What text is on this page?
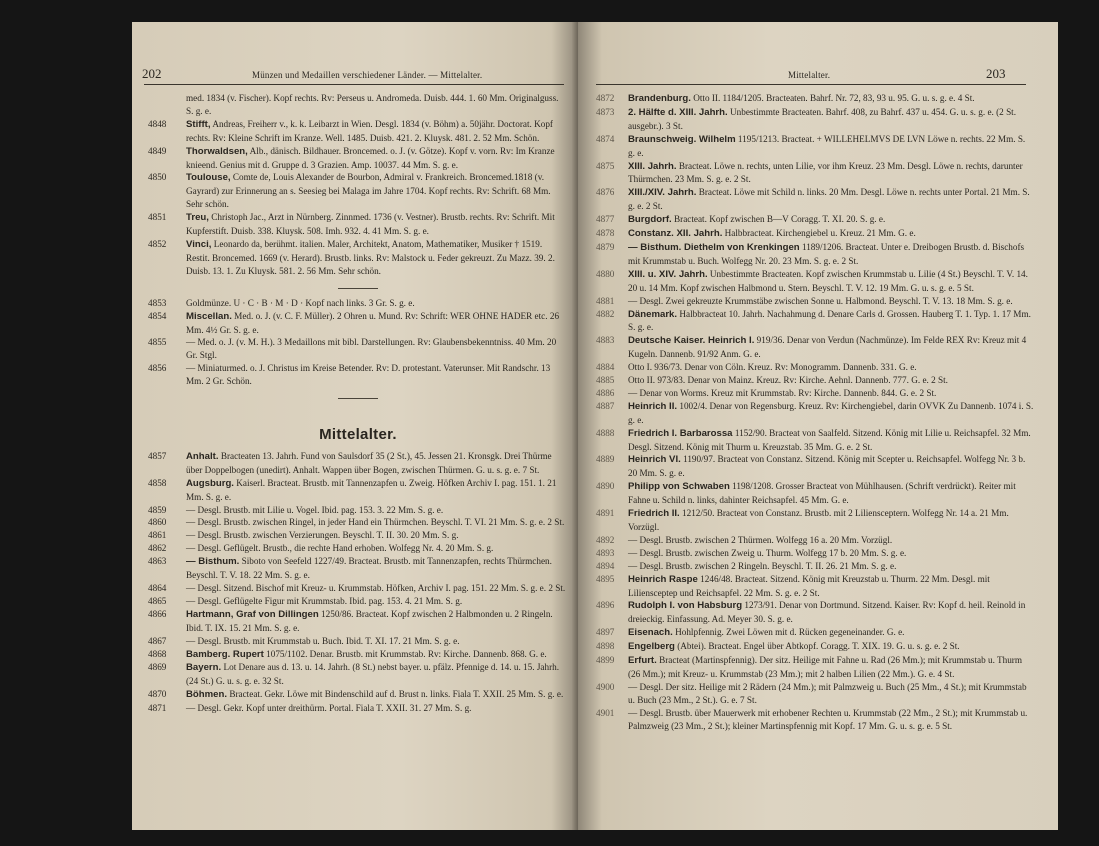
202	Münzen und Medaillen verschiedener Länder. — Mittelalter.
med. 1834 (v. Fischer). Kopf rechts. Rv: Perseus u. Andromeda. Duisb. 444. 1. 60 Mm. Originalguss. S. g. e.
4848	Stifft, Andreas, Freiherr v., k. k. Leibarzt in Wien. Desgl. 1834 (v. Böhm) a. 50jähr. Doctorat. Kopf rechts. Rv: Kleine Schrift im Kranze. Well. 1485. Duisb. 421. 2. Kluysk. 481. 2. 52 Mm. Schön.
4849	Thorwaldsen, Alb., dänisch. Bildhauer. Broncemed. o. J. (v. Götze). Kopf v. vorn. Rv: Im Kranze knieend. Genius mit d. Gruppe d. 3 Grazien. Amp. 10037. 44 Mm. S. g. e.
4850	Toulouse, Comte de, Louis Alexander de Bourbon, Admiral v. Frankreich. Broncemed.1818 (v. Gayrard) zur Erinnerung an s. Seesieg bei Malaga im Jahre 1704. Kopf rechts. Rv: Schrift. 68 Mm. Sehr schön.
4851	Treu, Christoph Jac., Arzt in Nürnberg. Zinnmed. 1736 (v. Vestner). Brustb. rechts. Rv: Schrift. Mit Kupferstift. Duisb. 338. Kluysk. 508. Imh. 932. 4. 41 Mm. S. g. e.
4852	Vinci, Leonardo da, berühmt. italien. Maler, Architekt, Anatom, Mathematiker, Musiker † 1519. Restit. Broncemed. 1669 (v. Herard). Brustb. links. Rv: Malstock u. Feder gekreuzt. Zu Mazz. 39. 2. Duisb. 13. 1. Zu Kluysk. 581. 2. 56 Mm. Sehr schön.
4853	Goldmünze. U · C · B · M · D · Kopf nach links. 3 Gr. S. g. e.
4854	Miscellan. Med. o. J. (v. C. F. Müller). 2 Ohren u. Mund. Rv: Schrift: WER OHNE HADER etc. 26 Mm. 4½ Gr. S. g. e.
4855	— Med. o. J. (v. M. H.). 3 Medaillons mit bibl. Darstellungen. Rv: Glaubensbekenntniss. 40 Mm. 20 Gr. Stgl.
4856	— Miniaturmed. o. J. Christus im Kreise Betender. Rv: D. protestant. Vaterunser. Mit Randschr. 13 Mm. 2 Gr. Schön.
Mittelalter.
4857	Anhalt. Bracteaten 13. Jahrh. Fund von Saulsdorf 35 (2 St.), 45. Jessen 21. Kronsgk. Drei Thürme über Doppelbogen (unedirt). Anhalt. Wappen über Bogen, zwischen Thürmen. G. u. s. g. e. 7 St.
4858	Augsburg. Kaiserl. Bracteat. Brustb. mit Tannenzapfen u. Zweig. Höfken Archiv I. pag. 151. 1. 21 Mm. S. g. e.
4859	— Desgl. Brustb. mit Lilie u. Vogel. Ibid. pag. 153. 3. 22 Mm. S. g. e.
4860	— Desgl. Brustb. zwischen Ringel, in jeder Hand ein Thürmchen. Beyschl. T. VI. 21 Mm. S. g. e. 2 St.
4861	— Desgl. Brustb. zwischen Verzierungen. Beyschl. T. II. 30. 20 Mm. S. g.
4862	— Desgl. Geflügelt. Brustb., die rechte Hand erhoben. Wolfegg Nr. 4. 20 Mm. S. g.
4863	— Bisthum. Siboto von Seefeld 1227/49. Bracteat. Brustb. mit Tannenzapfen, rechts Thürmchen. Beyschl. T. V. 18. 22 Mm. S. g. e.
4864	— Desgl. Sitzend. Bischof mit Kreuz- u. Krummstab. Höfken, Archiv I. pag. 151. 22 Mm. S. g. e. 2 St.
4865	— Desgl. Geflügelte Figur mit Krummstab. Ibid. pag. 153. 4. 21 Mm. S. g.
4866	Hartmann, Graf von Dillingen 1250/86. Bracteat. Kopf zwischen 2 Halbmonden u. 2 Ringeln. Ibid. T. IX. 15. 21 Mm. S. g. e.
4867	— Desgl. Brustb. mit Krummstab u. Buch. Ibid. T. XI. 17. 21 Mm. S. g. e.
4868	Bamberg. Rupert 1075/1102. Denar. Brustb. mit Krummstab. Rv: Kirche. Dannenb. 868. G. e.
4869	Bayern. Lot Denare aus d. 13. u. 14. Jahrh. (8 St.) nebst bayer. u. pfälz. Pfennige d. 14. u. 15. Jahrh. (24 St.) G. u. s. g. e. 32 St.
4870	Böhmen. Bracteat. Gekr. Löwe mit Bindenschild auf d. Brust n. links. Fiala T. XXII. 25 Mm. S. g. e.
4871	— Desgl. Gekr. Kopf unter dreithürm. Portal. Fiala T. XXII. 31. 27 Mm. S. g.
Mittelalter.	203
4872	Brandenburg. Otto II. 1184/1205. Bracteaten. Bahrf. Nr. 72, 83, 93 u. 95. G. u. s. g. e. 4 St.
4873	2. Hälfte d. XIII. Jahrh. Unbestimmte Bracteaten. Bahrf. 408, zu Bahrf. 437 u. 454. G. u. s. g. e. (2 St. ausgebr.). 3 St.
4874	Braunschweig. Wilhelm 1195/1213. Bracteat. + WILLEHELMVS DE LVN Löwe n. rechts. 22 Mm. S. g. e.
4875	XIII. Jahrh. Bracteat. Löwe n. rechts, unten Lilie, vor ihm Kreuz. 23 Mm. Desgl. Löwe n. rechts, darunter Thürmchen. 23 Mm. S. g. e. 2 St.
4876	XIII./XIV. Jahrh. Bracteat. Löwe mit Schild n. links. 20 Mm. Desgl. Löwe n. rechts unter Portal. 21 Mm. S. g. e. 2 St.
4877	Burgdorf. Bracteat. Kopf zwischen B—V Coragg. T. XI. 20. S. g. e.
4878	Constanz. XII. Jahrh. Halbbracteat. Kirchengiebel u. Kreuz. 21 Mm. G. e.
4879	— Bisthum. Diethelm von Krenkingen 1189/1206. Bracteat. Unter e. Dreibogen Brustb. d. Bischofs mit Krummstab u. Buch. Wolfegg Nr. 20. 23 Mm. S. g. e. 2 St.
4880	XIII. u. XIV. Jahrh. Unbestimmte Bracteaten. Kopf zwischen Krummstab u. Lilie (4 St.) Beyschl. T. V. 14. 20 u. 14 Mm. Kopf zwischen Halbmond u. Stern. Beyschl. T. V. 12. 19 Mm. G. u. s. g. e. 5 St.
4881	— Desgl. Zwei gekreuzte Krummstäbe zwischen Sonne u. Halbmond. Beyschl. T. V. 13. 18 Mm. S. g. e.
4882	Dänemark. Halbbracteat 10. Jahrh. Nachahmung d. Denare Carls d. Grossen. Hauberg T. 1. Typ. 1. 17 Mm. S. g. e.
4883	Deutsche Kaiser. Heinrich I. 919/36. Denar von Verdun (Nachmünze). Im Felde REX Rv: Kreuz mit 4 Kugeln. Dannenb. 91/92 Anm. G. e.
4884	Otto I. 936/73. Denar von Cöln. Kreuz. Rv: Monogramm. Dannenb. 331. G. e.
4885	Otto II. 973/83. Denar von Mainz. Kreuz. Rv: Kirche. Aehnl. Dannenb. 777. G. e. 2 St.
4886	— Denar von Worms. Kreuz mit Krummstab. Rv: Kirche. Dannenb. 844. G. e. 2 St.
4887	Heinrich II. 1002/4. Denar von Regensburg. Kreuz. Rv: Kirchengiebel, darin OVVK Zu Dannenb. 1074 i. S. g. e.
4888	Friedrich I. Barbarossa 1152/90. Bracteat von Saalfeld. Sitzend. König mit Lilie u. Reichsapfel. 32 Mm. Desgl. Sitzend. König mit Thurm u. Kreuzstab. 35 Mm. G. e. 2 St.
4889	Heinrich VI. 1190/97. Bracteat von Constanz. Sitzend. König mit Scepter u. Reichsapfel. Wolfegg Nr. 3 b. 20 Mm. S. g. e.
4890	Philipp von Schwaben 1198/1208. Grosser Bracteat von Mühlhausen. (Schrift verdrückt). Reiter mit Fahne u. Schild n. links, dahinter Reichsapfel. 45 Mm. G. e.
4891	Friedrich II. 1212/50. Bracteat von Constanz. Brustb. mit 2 Liliensceptern. Wolfegg Nr. 14 a. 21 Mm. Vorzügl.
4892	— Desgl. Brustb. zwischen 2 Thürmen. Wolfegg 16 a. 20 Mm. Vorzügl.
4893	— Desgl. Brustb. zwischen Zweig u. Thurm. Wolfegg 17 b. 20 Mm. S. g. e.
4894	— Desgl. Brustb. zwischen 2 Ringeln. Beyschl. T. II. 26. 21 Mm. S. g. e.
4895	Heinrich Raspe 1246/48. Bracteat. Sitzend. König mit Kreuzstab u. Thurm. 22 Mm. Desgl. mit Liliensceptер und Reichsapfel. 22 Mm. S. g. e. 2 St.
4896	Rudolph I. von Habsburg 1273/91. Denar von Dortmund. Sitzend. Kaiser. Rv: Kopf d. heil. Reinold in dreieckig. Einfassung. Ad. Meyer 30. S. g. e.
4897	Eisenach. Hohlpfennig. Zwei Löwen mit d. Rücken gegeneinander. G. e.
4898	Engelberg (Abtei). Bracteat. Engel über Abtkopf. Coragg. T. XIX. 19. G. u. s. g. e. 2 St.
4899	Erfurt. Bracteat (Martinspfennig). Der sitz. Heilige mit Fahne u. Rad (26 Mm.); mit Krummstab u. Thurm (26 Mm.); mit Kreuz- u. Krummstab (23 Mm.); mit 2 halben Lilien (22 Mm.). G. e. 4 St.
4900	— Desgl. Der sitz. Heilige mit 2 Rädern (24 Mm.); mit Palmzweig u. Buch (25 Mm., 4 St.); mit Krummstab u. Buch (23 Mm., 2 St.). G. e. 7 St.
4901	— Desgl. Brustb. über Mauerwerk mit erhobener Rechten u. Krummstab (22 Mm., 2 St.); mit Krummstab u. Palmzweig (23 Mm., 2 St.); kleiner Martinspfennig mit Kopf. 17 Mm. G. u. s. g. e. 5 St.
